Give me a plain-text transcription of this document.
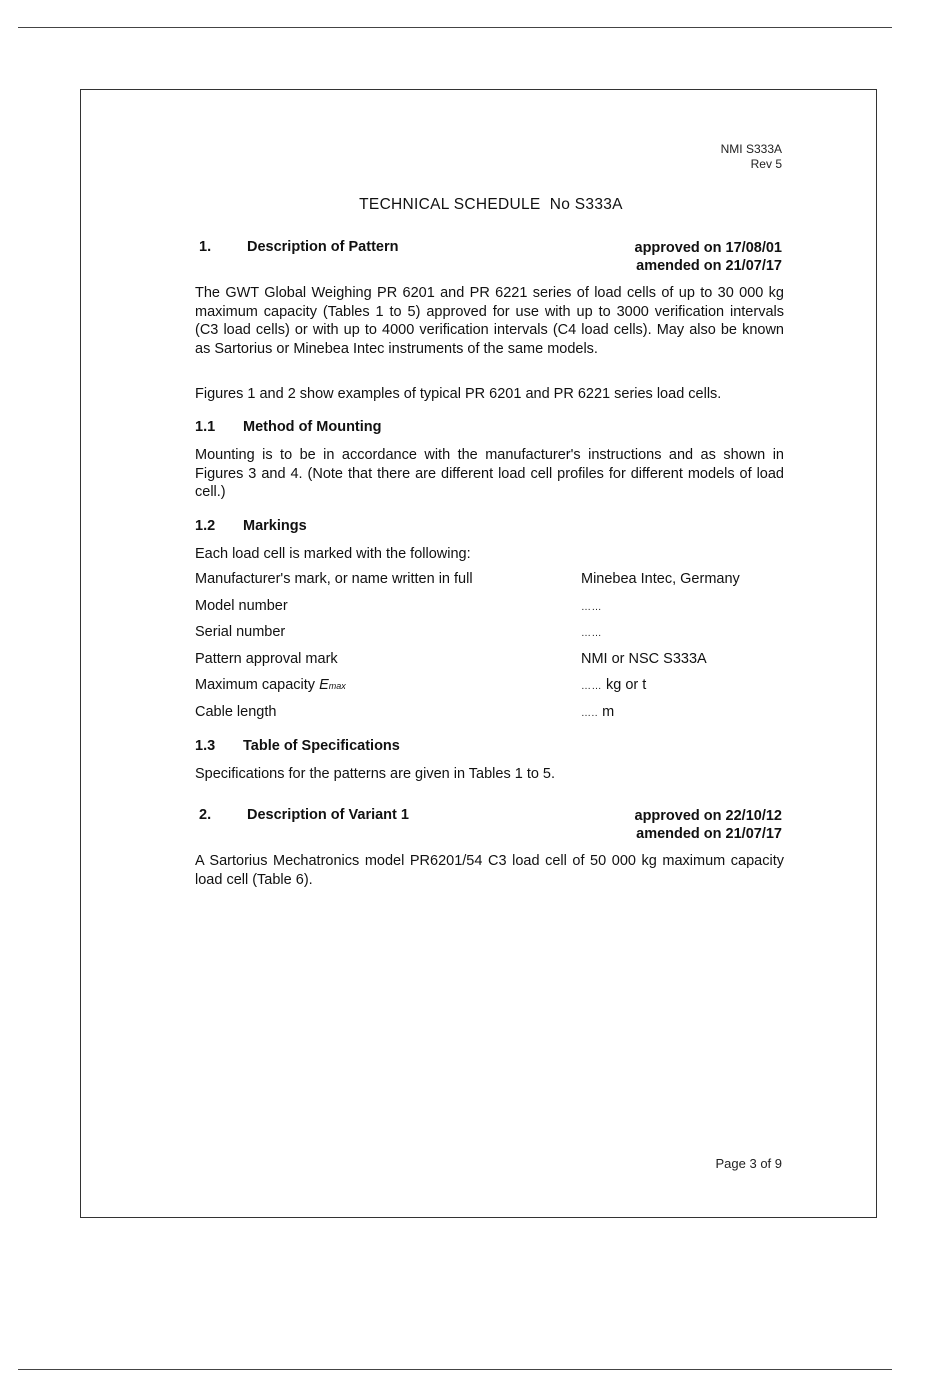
NMI S333A
Rev 5
TECHNICAL SCHEDULE  No S333A
1. Description of Pattern	approved on 17/08/01
amended on 21/07/17

The GWT Global Weighing PR 6201 and PR 6221 series of load cells of up to 30 000 kg maximum capacity (Tables 1 to 5) approved for use with up to 3000 verification intervals (C3 load cells) or with up to 4000 verification intervals (C4 load cells). May also be known as Sartorius or Minebea Intec instruments of the same models.

Figures 1 and 2 show examples of typical PR 6201 and PR 6221 series load cells.

1.1 Method of Mounting

Mounting is to be in accordance with the manufacturer's instructions and as shown in Figures 3 and 4. (Note that there are different load cell profiles for different models of load cell.)

1.2 Markings
Each load cell is marked with the following:
Manufacturer's mark, or name written in full	Minebea Intec, Germany
Model number	……
Serial number	……
Pattern approval mark	NMI or NSC S333A
Maximum capacity Emax	…… kg or t
Cable length	….. m
1.3 Table of Specifications
Specifications for the patterns are given in Tables 1 to 5.
2. Description of Variant 1	approved on 22/10/12
amended on 21/07/17

A Sartorius Mechatronics model PR6201/54 C3 load cell of 50 000 kg maximum capacity load cell (Table 6).

Page 3 of 9
